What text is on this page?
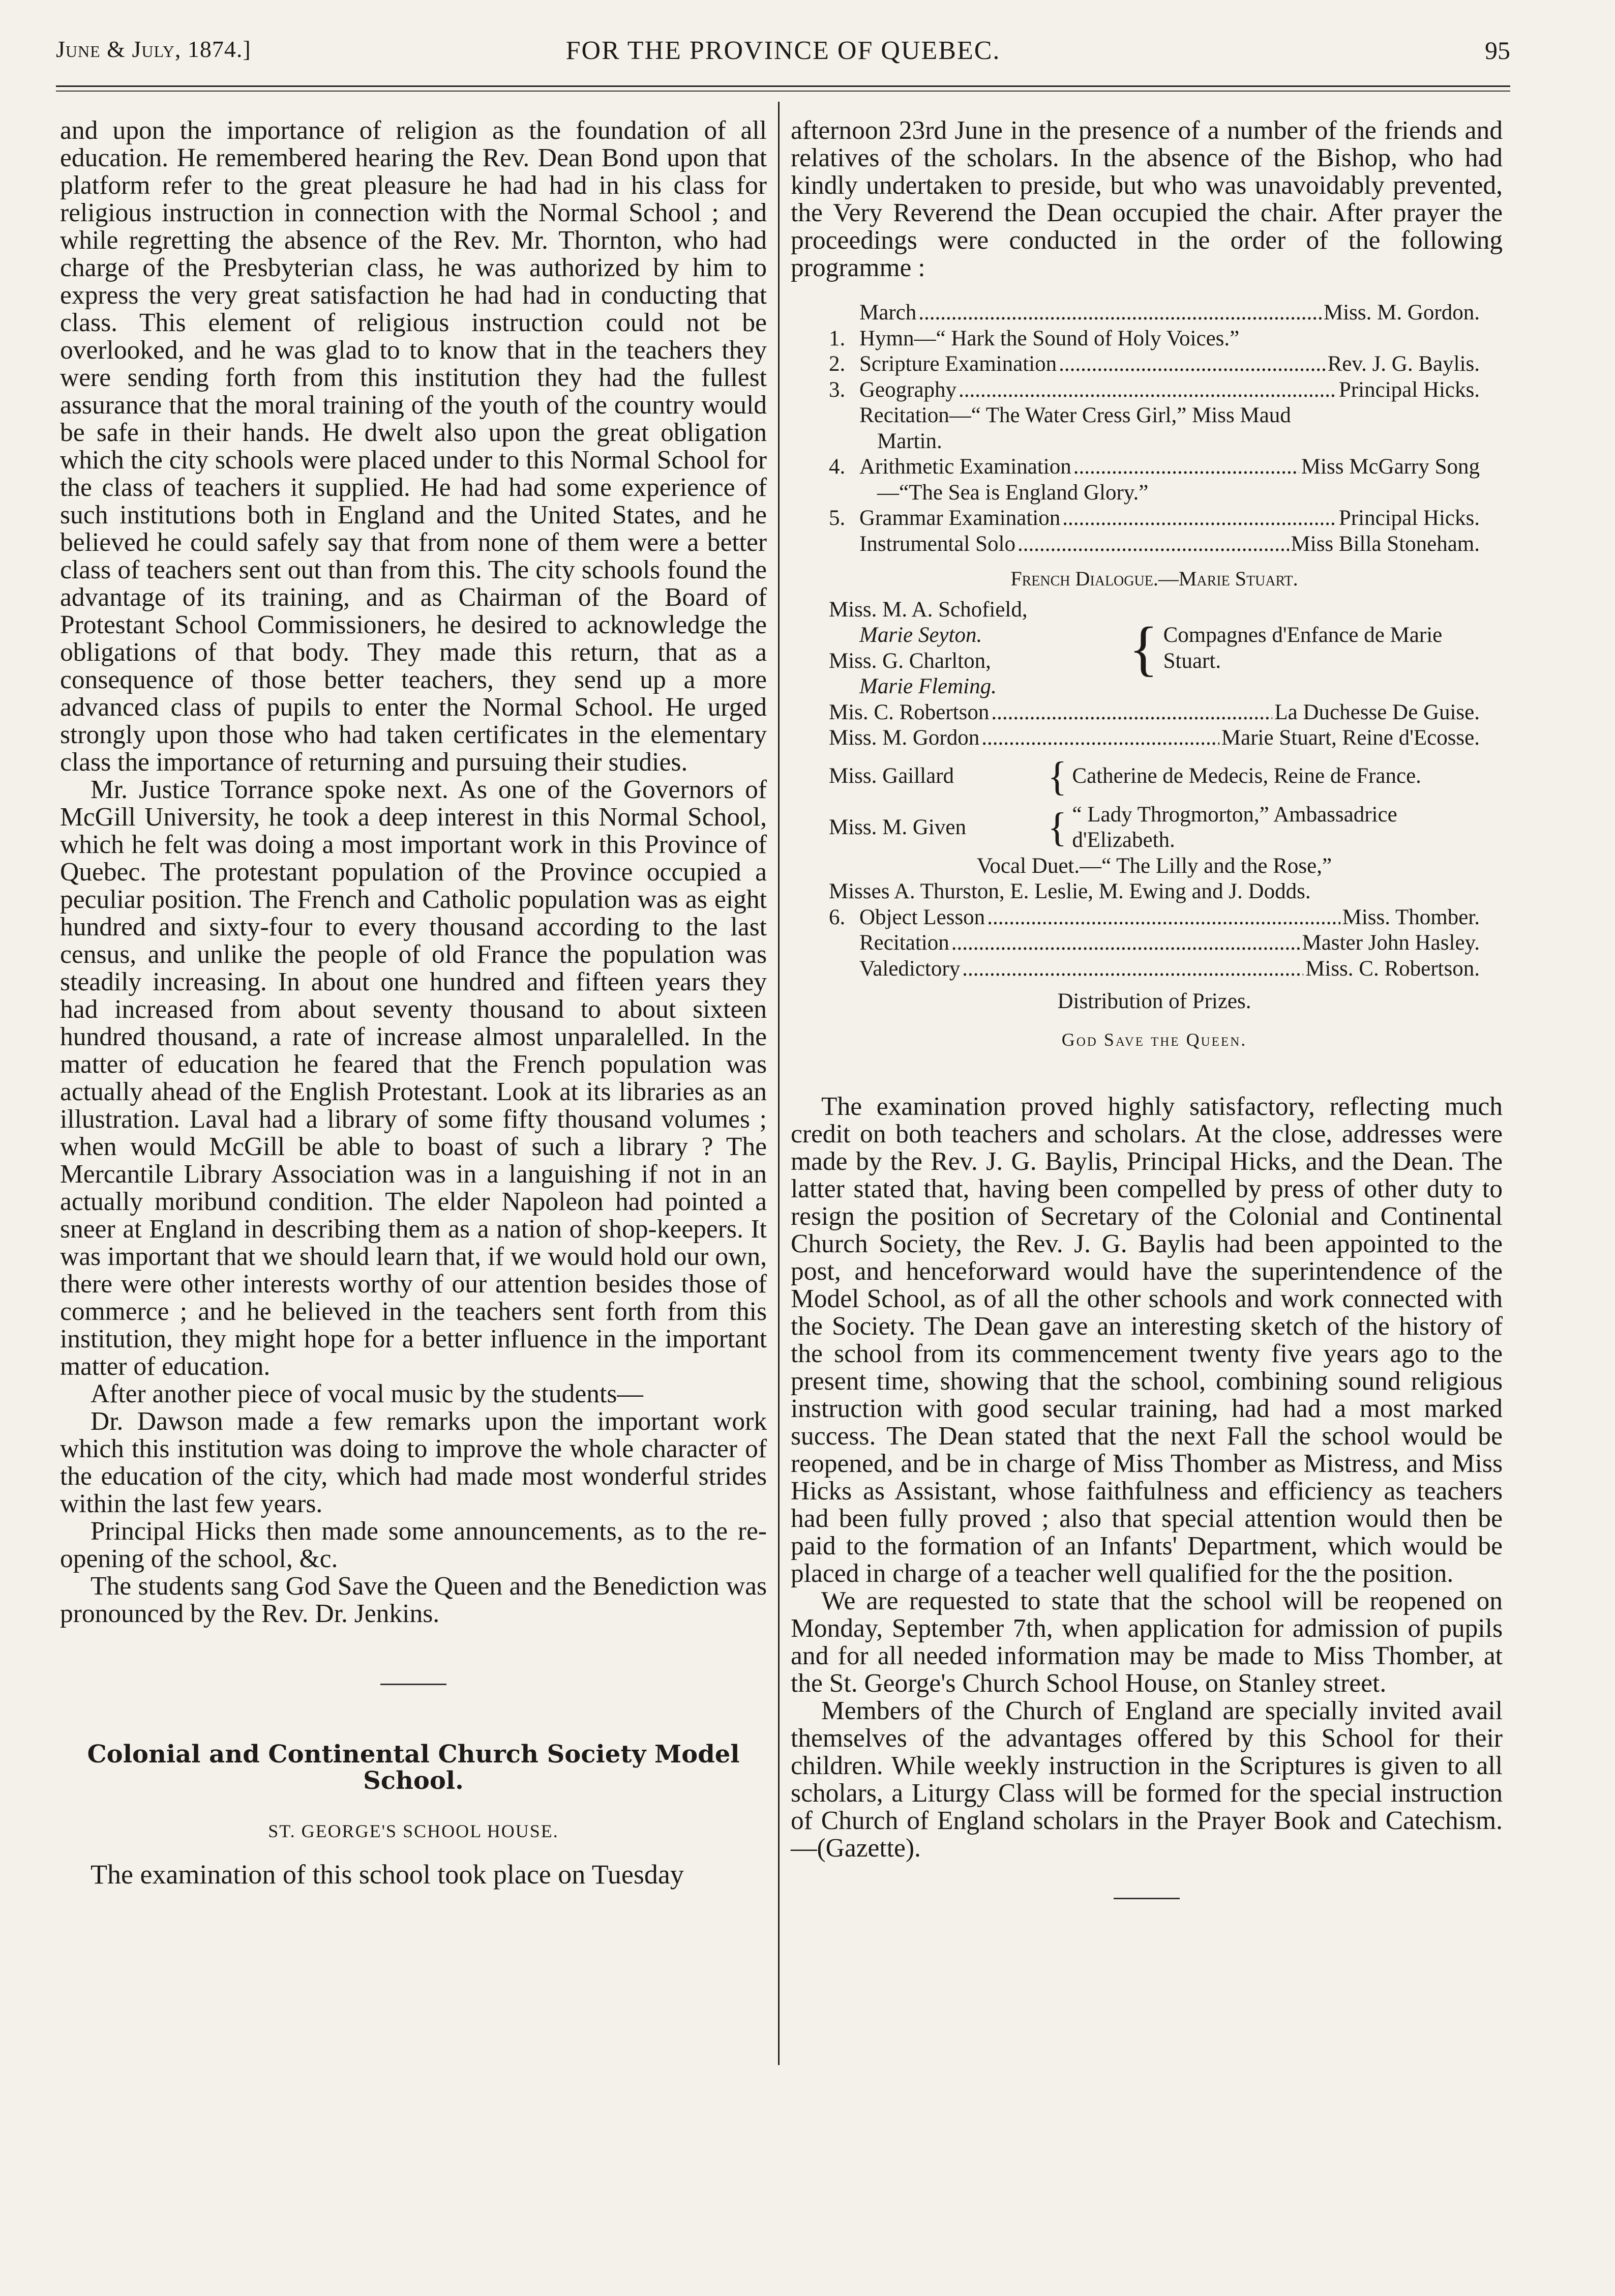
June & July, 1874.]	FOR THE PROVINCE OF QUEBEC.	95

and upon the importance of religion as the foundation of all education. He remembered hearing the Rev. Dean Bond upon that platform refer to the great pleasure he had had in his class for religious instruction in connection with the Normal School ; and while regretting the absence of the Rev. Mr. Thornton, who had charge of the Presbyterian class, he was authorized by him to express the very great satisfaction he had had in conducting that class. This element of religious instruction could not be overlooked, and he was glad to to know that in the teachers they were sending forth from this institution they had the fullest assurance that the moral training of the youth of the country would be safe in their hands. He dwelt also upon the great obligation which the city schools were placed under to this Normal School for the class of teachers it supplied. He had had some experience of such institutions both in England and the United States, and he believed he could safely say that from none of them were a better class of teachers sent out than from this. The city schools found the advantage of its training, and as Chairman of the Board of Protestant School Commissioners, he desired to acknowledge the obligations of that body. They made this return, that as a consequence of those better teachers, they send up a more advanced class of pupils to enter the Normal School. He urged strongly upon those who had taken certificates in the elementary class the importance of returning and pursuing their studies.

Mr. Justice Torrance spoke next. As one of the Governors of McGill University, he took a deep interest in this Normal School, which he felt was doing a most important work in this Province of Quebec. The protestant population of the Province occupied a peculiar position. The French and Catholic population was as eight hundred and sixty-four to every thousand according to the last census, and unlike the people of old France the population was steadily increasing. In about one hundred and fifteen years they had increased from about seventy thousand to about sixteen hundred thousand, a rate of increase almost unparalelled. In the matter of education he feared that the French population was actually ahead of the English Protestant. Look at its libraries as an illustration. Laval had a library of some fifty thousand volumes ; when would McGill be able to boast of such a library ? The Mercantile Library Association was in a languishing if not in an actually moribund condition. The elder Napoleon had pointed a sneer at England in describing them as a nation of shop-keepers. It was important that we should learn that, if we would hold our own, there were other interests worthy of our attention besides those of commerce ; and he believed in the teachers sent forth from this institution, they might hope for a better influence in the important matter of education.

After another piece of vocal music by the students—

Dr. Dawson made a few remarks upon the important work which this institution was doing to improve the whole character of the education of the city, which had made most wonderful strides within the last few years.

Principal Hicks then made some announcements, as to the re-opening of the school, &c.

The students sang God Save the Queen and the Benediction was pronounced by the Rev. Dr. Jenkins.

Colonial and Continental Church Society Model School.
ST. GEORGE'S SCHOOL HOUSE.

The examination of this school took place on Tuesday

afternoon 23rd June in the presence of a number of the friends and relatives of the scholars. In the absence of the Bishop, who had kindly undertaken to preside, but who was unavoidably prevented, the Very Reverend the Dean occupied the chair. After prayer the proceedings were conducted in the order of the following programme :

March .....	Miss. M. Gordon.
1. Hymn—“ Hark the Sound of Holy Voices.”
2. Scripture Examination .....	Rev. J. G. Baylis.
3. Geography .....	Principal Hicks.
Recitation—“ The Water Cress Girl,” Miss Maud
Martin.
4. Arithmetic Examination .....	Miss McGarry Song
—“The Sea is England Glory.”
5. Grammar Examination .....	Principal Hicks.
Instrumental Solo .....	Miss Billa Stoneham.
French Dialogue.—Marie Stuart.
Miss. M. A. Schofield,
Marie Seyton.
Miss. G. Charlton,
Marie Fleming.
{ Compagnes d'Enfance de Marie Stuart.
Mis. C. Robertson .....	La Duchesse De Guise.
Miss. M. Gordon .....	Marie Stuart, Reine d'Ecosse.
Miss. Gaillard	{ Catherine de Medecis, Reine de France.
Miss. M. Given	{ “ Lady Throgmorton,” Ambassadrice d'Elizabeth.
Vocal Duet.—“ The Lilly and the Rose,”
Misses A. Thurston, E. Leslie, M. Ewing and J. Dodds.
6. Object Lesson .....	Miss. Thomber.
Recitation .....	Master John Hasley.
Valedictory .....	Miss. C. Robertson.
Distribution of Prizes.
God Save the Queen.

The examination proved highly satisfactory, reflecting much credit on both teachers and scholars. At the close, addresses were made by the Rev. J. G. Baylis, Principal Hicks, and the Dean. The latter stated that, having been compelled by press of other duty to resign the position of Secretary of the Colonial and Continental Church Society, the Rev. J. G. Baylis had been appointed to the post, and henceforward would have the superintendence of the Model School, as of all the other schools and work connected with the Society. The Dean gave an interesting sketch of the history of the school from its commencement twenty five years ago to the present time, showing that the school, combining sound religious instruction with good secular training, had had a most marked success. The Dean stated that the next Fall the school would be reopened, and be in charge of Miss Thomber as Mistress, and Miss Hicks as Assistant, whose faithfulness and efficiency as teachers had been fully proved ; also that special attention would then be paid to the formation of an Infants' Department, which would be placed in charge of a teacher well qualified for the the position.

We are requested to state that the school will be reopened on Monday, September 7th, when application for admission of pupils and for all needed information may be made to Miss Thomber, at the St. George's Church School House, on Stanley street.

Members of the Church of England are specially invited avail themselves of the advantages offered by this School for their children. While weekly instruction in the Scriptures is given to all scholars, a Liturgy Class will be formed for the special instruction of Church of England scholars in the Prayer Book and Catechism.—(Gazette).
